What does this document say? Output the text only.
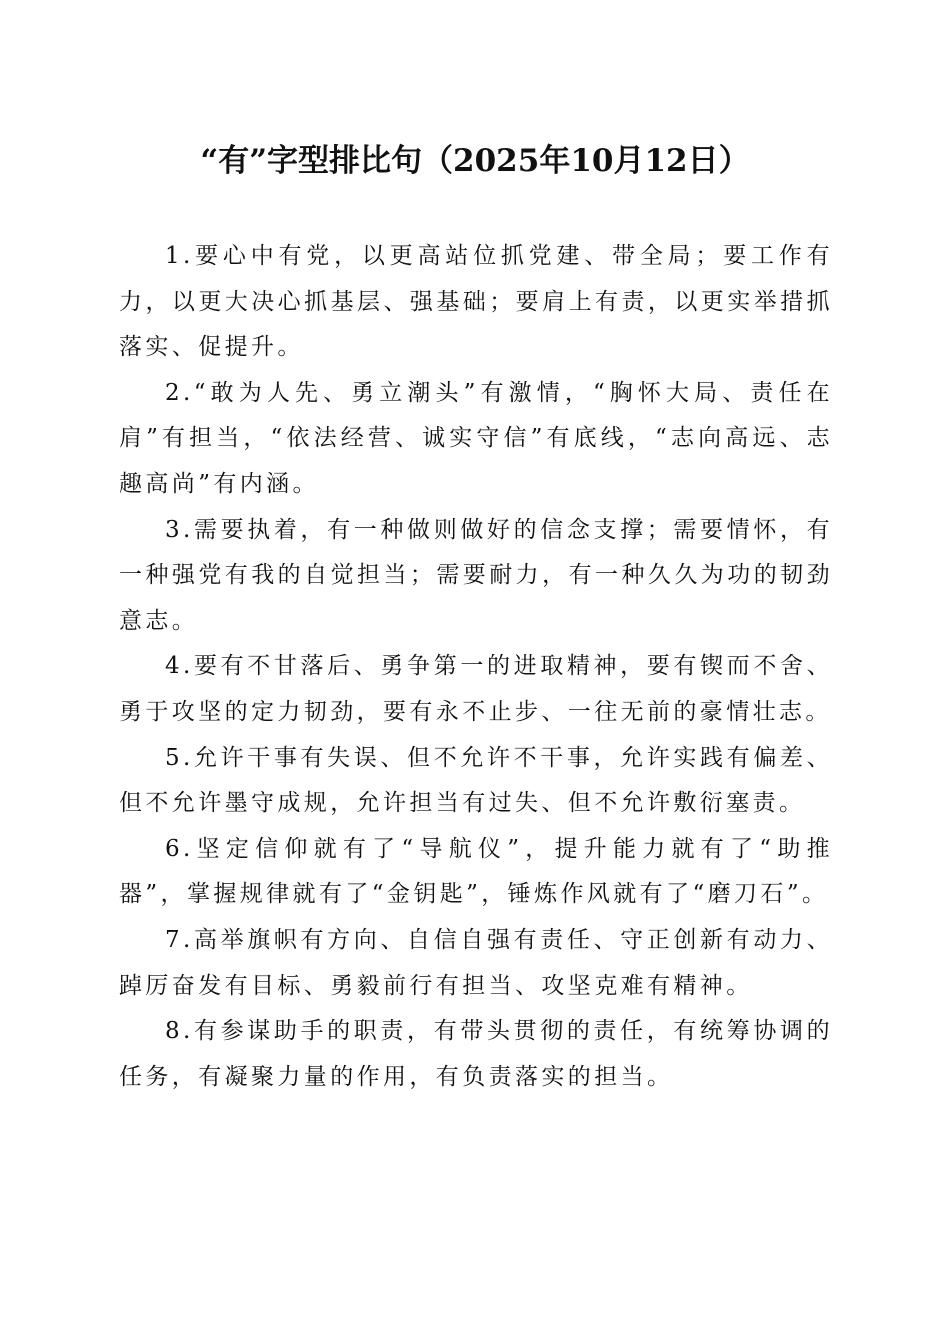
“有”字型排比句（2025年10月12日）

1.要心中有党，以更高站位抓党建、带全局；要工作有力，以更大决心抓基层、强基础；要肩上有责，以更实举措抓落实、促提升。

2.“敢为人先、勇立潮头”有激情，“胸怀大局、责任在肩”有担当，“依法经营、诚实守信”有底线，“志向高远、志趣高尚”有内涵。

3.需要执着，有一种做则做好的信念支撑；需要情怀，有一种强党有我的自觉担当；需要耐力，有一种久久为功的韧劲意志。

4.要有不甘落后、勇争第一的进取精神，要有锲而不舍、勇于攻坚的定力韧劲，要有永不止步、一往无前的豪情壮志。

5.允许干事有失误、但不允许不干事，允许实践有偏差、但不允许墨守成规，允许担当有过失、但不允许敷衍塞责。

6.坚定信仰就有了“导航仪”，提升能力就有了“助推器”，掌握规律就有了“金钥匙”，锤炼作风就有了“磨刀石”。

7.高举旗帜有方向、自信自强有责任、守正创新有动力、踔厉奋发有目标、勇毅前行有担当、攻坚克难有精神。

8.有参谋助手的职责，有带头贯彻的责任，有统筹协调的任务，有凝聚力量的作用，有负责落实的担当。
